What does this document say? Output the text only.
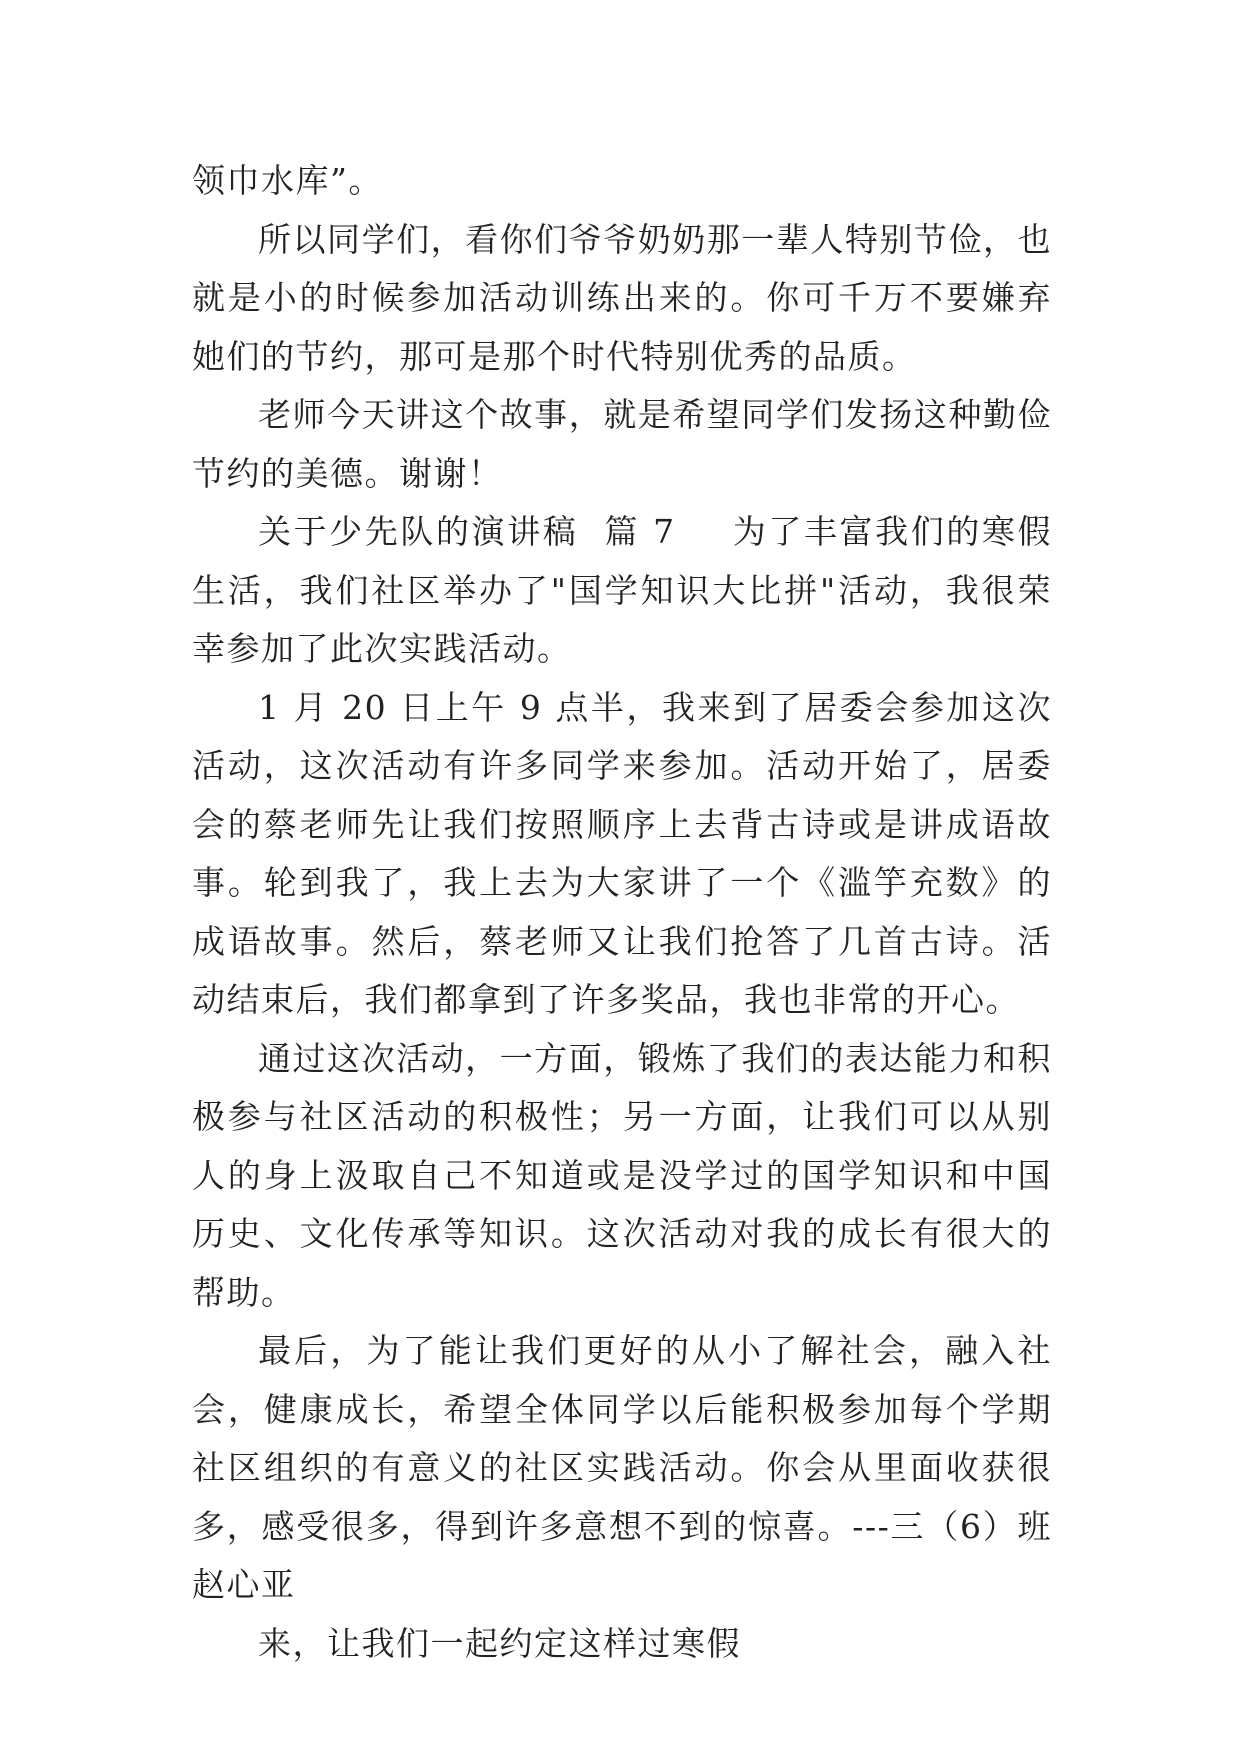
领巾水库”。

所以同学们，看你们爷爷奶奶那一辈人特别节俭，也就是小的时候参加活动训练出来的。你可千万不要嫌弃她们的节约，那可是那个时代特别优秀的品质。

老师今天讲这个故事，就是希望同学们发扬这种勤俭节约的美德。谢谢！

关于少先队的演讲稿  篇 7 为了丰富我们的寒假生活，我们社区举办了"国学知识大比拼"活动，我很荣幸参加了此次实践活动。

1 月 20 日上午 9 点半，我来到了居委会参加这次活动，这次活动有许多同学来参加。活动开始了，居委会的蔡老师先让我们按照顺序上去背古诗或是讲成语故事。轮到我了，我上去为大家讲了一个《滥竽充数》的成语故事。然后，蔡老师又让我们抢答了几首古诗。活动结束后，我们都拿到了许多奖品，我也非常的开心。

通过这次活动，一方面，锻炼了我们的表达能力和积极参与社区活动的积极性；另一方面，让我们可以从别人的身上汲取自己不知道或是没学过的国学知识和中国历史、文化传承等知识。这次活动对我的成长有很大的帮助。

最后，为了能让我们更好的从小了解社会，融入社会，健康成长，希望全体同学以后能积极参加每个学期社区组织的有意义的社区实践活动。你会从里面收获很多，感受很多，得到许多意想不到的惊喜。---三（6）班赵心亚

来，让我们一起约定这样过寒假
